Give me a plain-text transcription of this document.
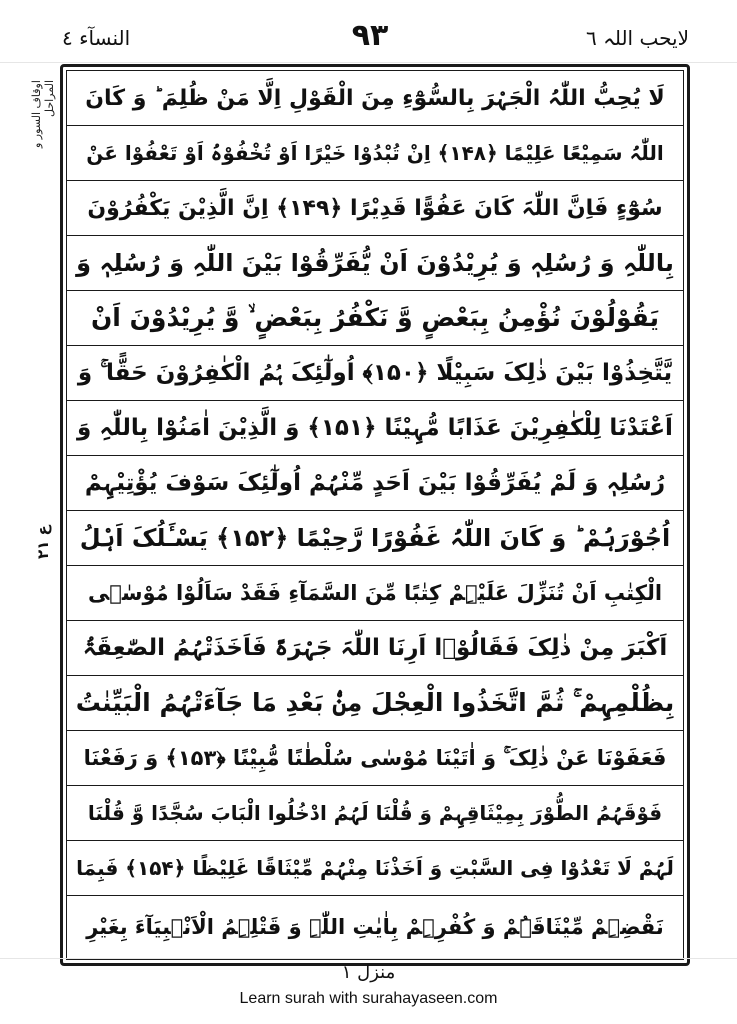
النسآء ٤	٩٣	لایحب اللہ ٦
اوقاف السور و المراحل
ع ٢١
لَا یُحِبُّ اللّٰہُ الْجَہْرَ بِالسُّوْٓءِ مِنَ الْقَوْلِ اِلَّا مَنْ ظُلِمَ ؕ وَ کَانَ
اللّٰہُ سَمِیْعًا عَلِیْمًا ﴿۱۴۸﴾ اِنْ تُبْدُوْا خَیْرًا اَوْ تُخْفُوْہُ اَوْ تَعْفُوْا عَنْ
سُوْٓءٍ فَاِنَّ اللّٰہَ کَانَ عَفُوًّا قَدِیْرًا ﴿۱۴۹﴾ اِنَّ الَّذِیْنَ یَکْفُرُوْنَ
بِاللّٰہِ وَ رُسُلِہٖ وَ یُرِیْدُوْنَ اَنْ یُّفَرِّقُوْا بَیْنَ اللّٰہِ وَ رُسُلِہٖ وَ
یَقُوْلُوْنَ نُؤْمِنُ بِبَعْضٍ وَّ نَکْفُرُ بِبَعْضٍ ۙ وَّ یُرِیْدُوْنَ اَنْ
یَّتَّخِذُوْا بَیْنَ ذٰلِکَ سَبِیْلًا ﴿۱۵۰﴾ اُولٰٓئِکَ ہُمُ الْکٰفِرُوْنَ حَقًّا ۚ وَ
اَعْتَدْنَا لِلْکٰفِرِیْنَ عَذَابًا مُّہِیْنًا ﴿۱۵۱﴾ وَ الَّذِیْنَ اٰمَنُوْا بِاللّٰہِ وَ
رُسُلِہٖ وَ لَمْ یُفَرِّقُوْا بَیْنَ اَحَدٍ مِّنْہُمْ اُولٰٓئِکَ سَوْفَ یُؤْتِیْہِمْ
اُجُوْرَہُمْ ؕ وَ کَانَ اللّٰہُ غَفُوْرًا رَّحِیْمًا ﴿۱۵۲﴾ یَسْـَٔلُکَ اَہْلُ
الْکِتٰبِ اَنْ تُنَزِّلَ عَلَیْہِمْ کِتٰبًا مِّنَ السَّمَآءِ فَقَدْ سَاَلُوْا مُوْسٰۤی
اَکْبَرَ مِنْ ذٰلِکَ فَقَالُوْۤا اَرِنَا اللّٰہَ جَہْرَۃً فَاَخَذَتْہُمُ الصّٰعِقَۃُ
بِظُلْمِہِمْ ۚ ثُمَّ اتَّخَذُوا الْعِجْلَ مِنْۢ بَعْدِ مَا جَآءَتْہُمُ الْبَیِّنٰتُ
فَعَفَوْنَا عَنْ ذٰلِکَ ۚ وَ اٰتَیْنَا مُوْسٰی سُلْطٰنًا مُّبِیْنًا ﴿۱۵۳﴾ وَ رَفَعْنَا
فَوْقَہُمُ الطُّوْرَ بِمِیْثَاقِہِمْ وَ قُلْنَا لَہُمُ ادْخُلُوا الْبَابَ سُجَّدًا وَّ قُلْنَا
لَہُمْ لَا تَعْدُوْا فِی السَّبْتِ وَ اَخَذْنَا مِنْہُمْ مِّیْثَاقًا غَلِیْظًا ﴿۱۵۴﴾ فَبِمَا
نَقْضِہِمْ مِّیْثَاقَہُمْ وَ کُفْرِہِمْ بِاٰیٰتِ اللّٰہِ وَ قَتْلِہِمُ الْاَنْۢبِیَآءَ بِغَیْرِ
منزل ١
Learn surah with surahayaseen.com
